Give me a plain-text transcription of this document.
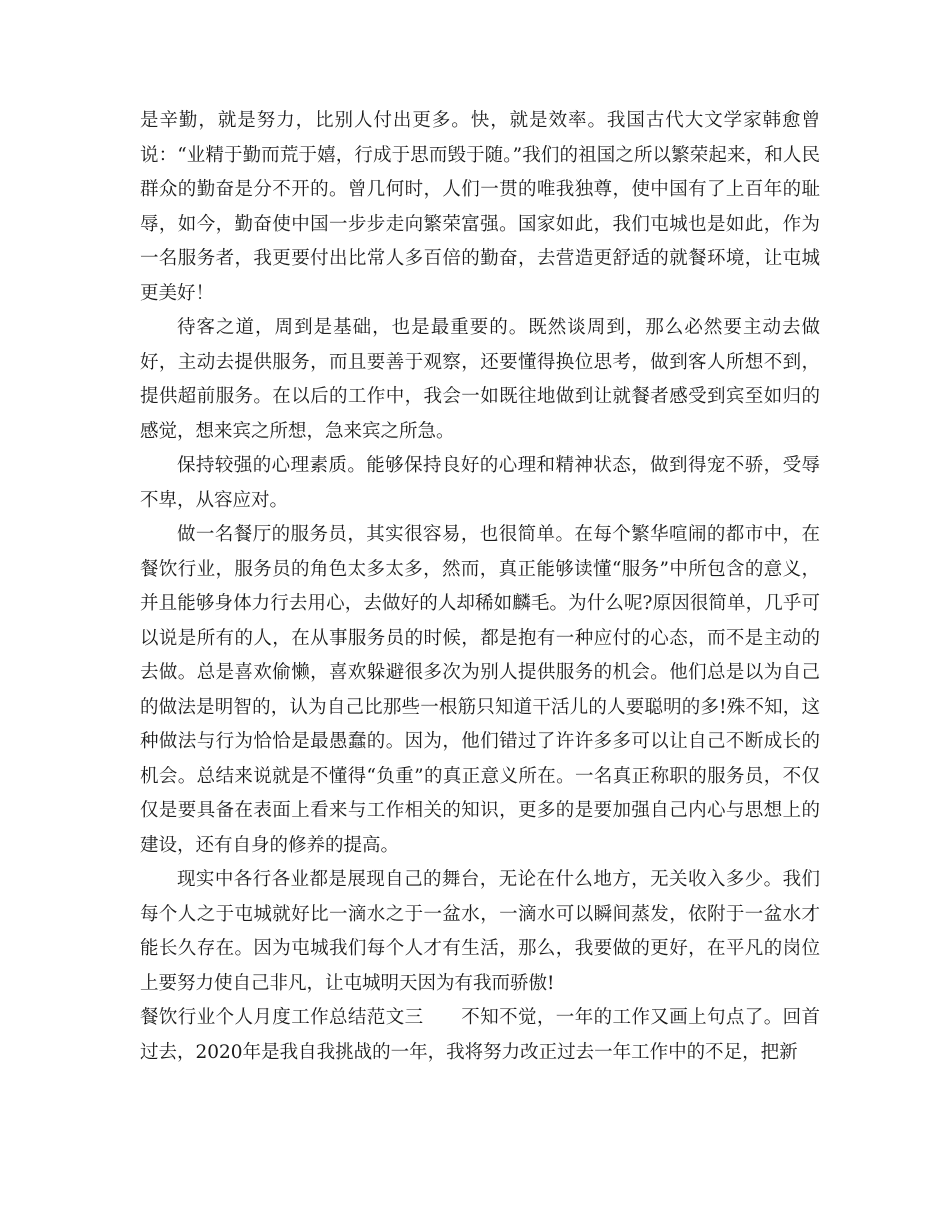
是辛勤，就是努力，比别人付出更多。快，就是效率。我国古代大文学家韩愈曾说：“业精于勤而荒于嬉，行成于思而毁于随。”我们的祖国之所以繁荣起来，和人民群众的勤奋是分不开的。曾几何时，人们一贯的唯我独尊，使中国有了上百年的耻辱，如今，勤奋使中国一步步走向繁荣富强。国家如此，我们屯城也是如此，作为一名服务者，我更要付出比常人多百倍的勤奋，去营造更舒适的就餐环境，让屯城更美好！

待客之道，周到是基础，也是最重要的。既然谈周到，那么必然要主动去做好，主动去提供服务，而且要善于观察，还要懂得换位思考，做到客人所想不到，提供超前服务。在以后的工作中，我会一如既往地做到让就餐者感受到宾至如归的感觉，想来宾之所想，急来宾之所急。

保持较强的心理素质。能够保持良好的心理和精神状态，做到得宠不骄，受辱不卑，从容应对。

做一名餐厅的服务员，其实很容易，也很简单。在每个繁华喧闹的都市中，在餐饮行业，服务员的角色太多太多，然而，真正能够读懂“服务”中所包含的意义，并且能够身体力行去用心，去做好的人却稀如麟毛。为什么呢?原因很简单，几乎可以说是所有的人，在从事服务员的时候，都是抱有一种应付的心态，而不是主动的去做。总是喜欢偷懒，喜欢躲避很多次为别人提供服务的机会。他们总是以为自己的做法是明智的，认为自己比那些一根筋只知道干活儿的人要聪明的多!殊不知，这种做法与行为恰恰是最愚蠢的。因为，他们错过了许许多多可以让自己不断成长的机会。总结来说就是不懂得“负重”的真正意义所在。一名真正称职的服务员，不仅仅是要具备在表面上看来与工作相关的知识，更多的是要加强自己内心与思想上的建设，还有自身的修养的提高。

现实中各行各业都是展现自己的舞台，无论在什么地方，无关收入多少。我们每个人之于屯城就好比一滴水之于一盆水，一滴水可以瞬间蒸发，依附于一盆水才能长久存在。因为屯城我们每个人才有生活，那么，我要做的更好，在平凡的岗位上要努力使自己非凡，让屯城明天因为有我而骄傲!

餐饮行业个人月度工作总结范文三　　不知不觉，一年的工作又画上句点了。回首过去，2020年是我自我挑战的一年，我将努力改正过去一年工作中的不足，把新
